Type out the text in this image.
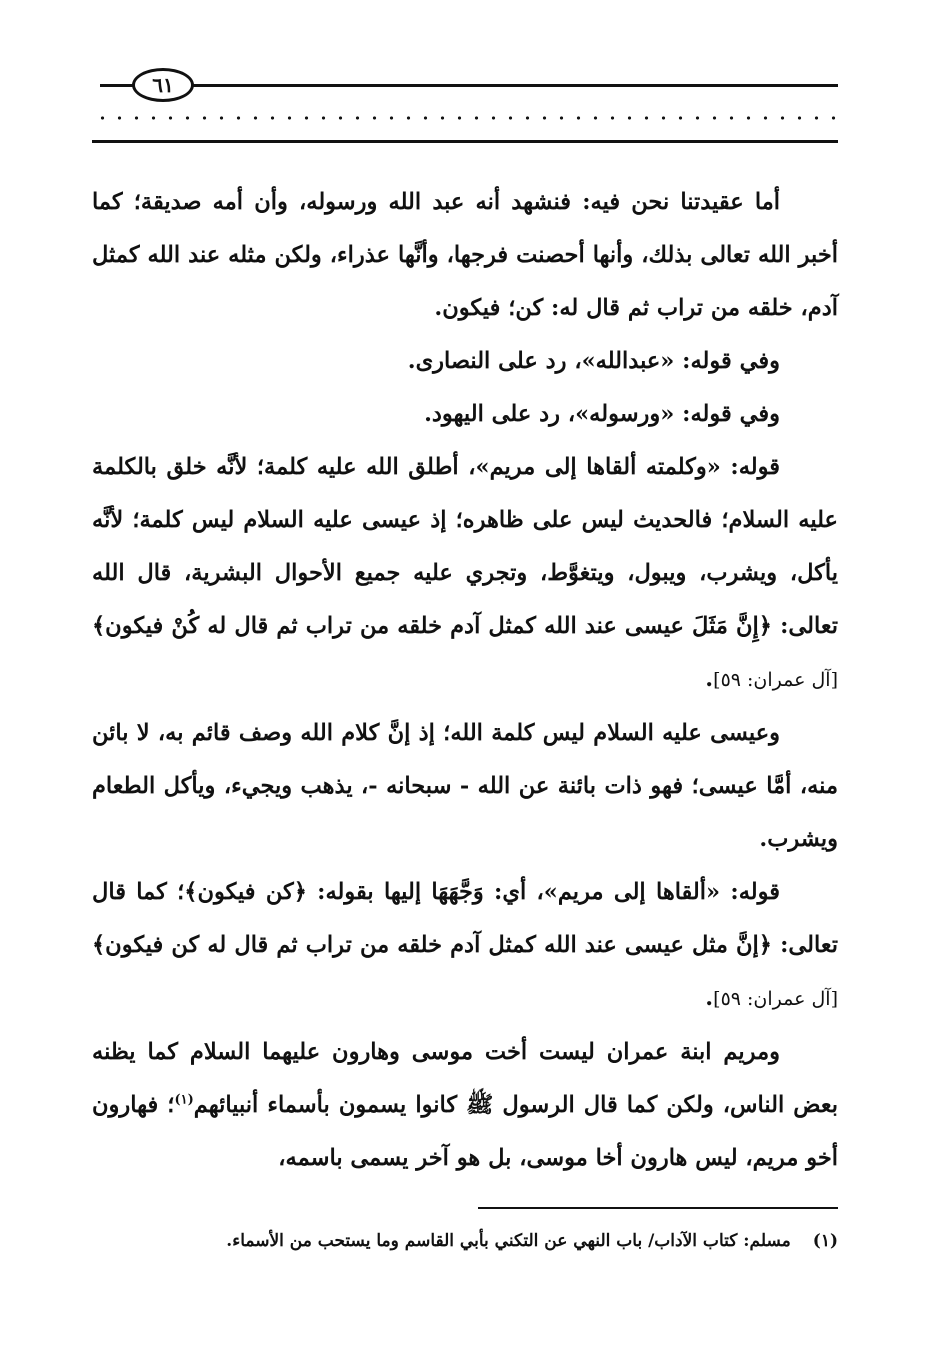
٦١

أما عقيدتنا نحن فيه: فنشهد أنه عبد الله ورسوله، وأن أمه صديقة؛ كما أخبر الله تعالى بذلك، وأنها أحصنت فرجها، وأنَّها عذراء، ولكن مثله عند الله كمثل آدم، خلقه من تراب ثم قال له: كن؛ فيكون.

وفي قوله: «عبدالله»، رد على النصارى.

وفي قوله: «ورسوله»، رد على اليهود.

قوله: «وكلمته ألقاها إلى مريم»، أطلق الله عليه كلمة؛ لأنَّه خلق بالكلمة عليه السلام؛ فالحديث ليس على ظاهره؛ إذ عيسى عليه السلام ليس كلمة؛ لأنَّه يأكل، ويشرب، ويبول، ويتغوَّط، وتجري عليه جميع الأحوال البشرية، قال الله تعالى: ﴿إِنَّ مَثَلَ عيسى عند الله كمثل آدم خلقه من تراب ثم قال له كُنْ فيكون﴾ [آل عمران: ٥٩].

وعيسى عليه السلام ليس كلمة الله؛ إذ إنَّ كلام الله وصف قائم به، لا بائن منه، أمَّا عيسى؛ فهو ذات بائنة عن الله - سبحانه -، يذهب ويجيء، ويأكل الطعام ويشرب.

قوله: «ألقاها إلى مريم»، أي: وَجَّهَهَا إليها بقوله: ﴿كن فيكون﴾؛ كما قال تعالى: ﴿إنَّ مثل عيسى عند الله كمثل آدم خلقه من تراب ثم قال له كن فيكون﴾ [آل عمران: ٥٩].

ومريم ابنة عمران ليست أخت موسى وهارون عليهما السلام كما يظنه بعض الناس، ولكن كما قال الرسول ﷺ كانوا يسمون بأسماء أنبيائهم$^{(١)}$؛ فهارون أخو مريم، ليس هارون أخا موسى، بل هو آخر يسمى باسمه،

(١)مسلم: كتاب الآداب/ باب النهي عن التكني بأبي القاسم وما يستحب من الأسماء.
